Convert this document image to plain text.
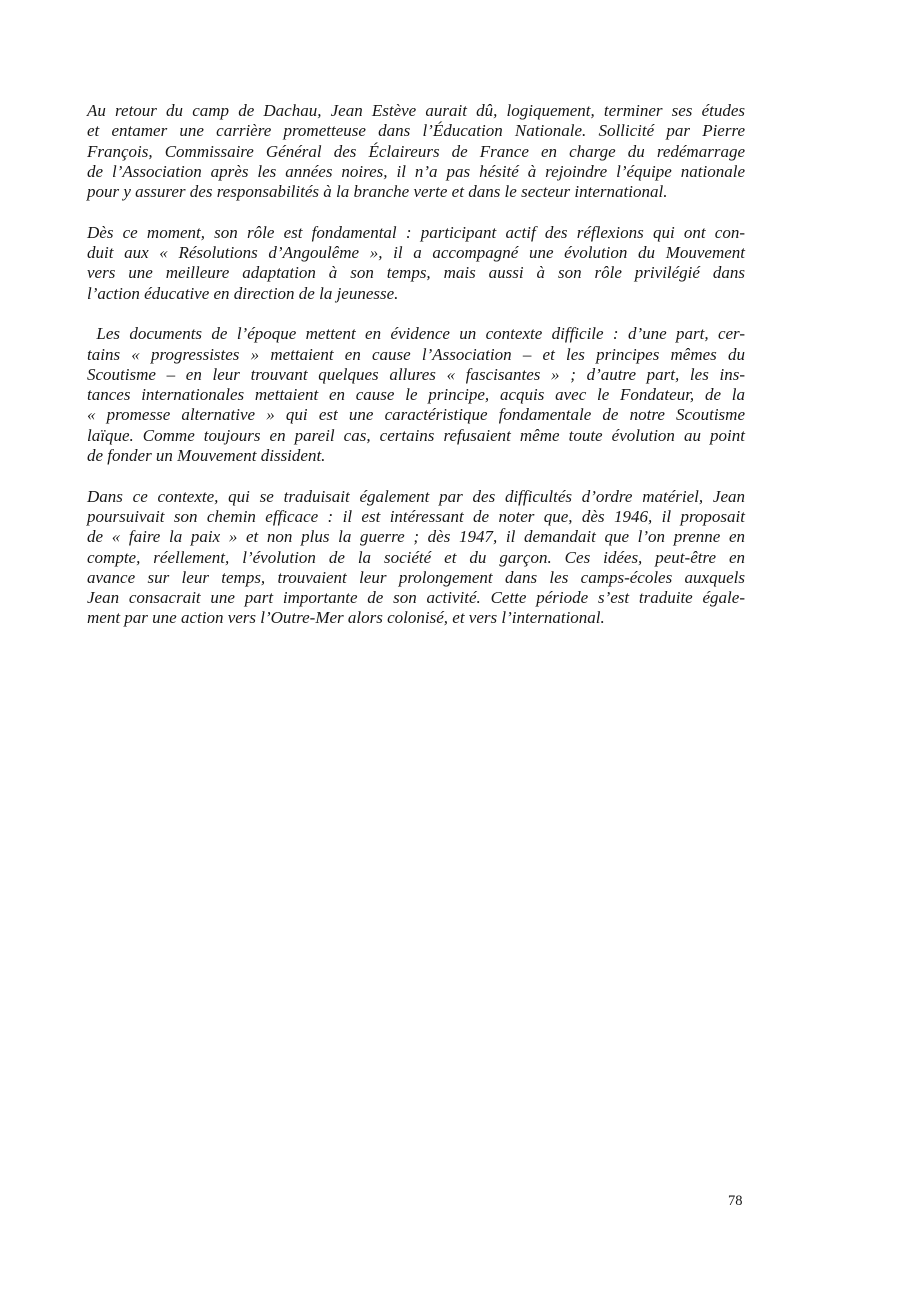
Au retour du camp de Dachau, Jean Estève aurait dû, logiquement, terminer ses études
et entamer une carrière prometteuse dans l’Éducation Nationale. Sollicité par Pierre
François, Commissaire Général des Éclaireurs de France en charge du redémarrage
de l’Association après les années noires, il n’a pas hésité à rejoindre l’équipe nationale
pour y assurer des responsabilités à la branche verte et dans le secteur international.

Dès ce moment, son rôle est fondamental : participant actif des réflexions qui ont con-
duit aux « Résolutions d’Angoulême », il a accompagné une évolution du Mouvement
vers une meilleure adaptation à son temps, mais aussi à son rôle privilégié dans
l’action éducative en direction de la jeunesse.

Les documents de l’époque mettent en évidence un contexte difficile : d’une part, cer-
tains « progressistes » mettaient en cause l’Association – et les principes mêmes du
Scoutisme – en leur trouvant quelques allures « fascisantes » ; d’autre part, les ins-
tances internationales mettaient en cause le principe, acquis avec le Fondateur, de la
« promesse alternative » qui est une caractéristique fondamentale de notre Scoutisme
laïque. Comme toujours en pareil cas, certains refusaient même toute évolution au point
de fonder un Mouvement dissident.

Dans ce contexte, qui se traduisait également par des difficultés d’ordre matériel, Jean
poursuivait son chemin efficace : il est intéressant de noter que, dès 1946, il proposait
de « faire la paix » et non plus la guerre ; dès 1947, il demandait que l’on prenne en
compte, réellement, l’évolution de la société et du garçon. Ces idées, peut-être en
avance sur leur temps, trouvaient leur prolongement dans les camps-écoles auxquels
Jean consacrait une part importante de son activité. Cette période s’est traduite égale-
ment par une action vers l’Outre-Mer alors colonisé, et vers l’international.

78
